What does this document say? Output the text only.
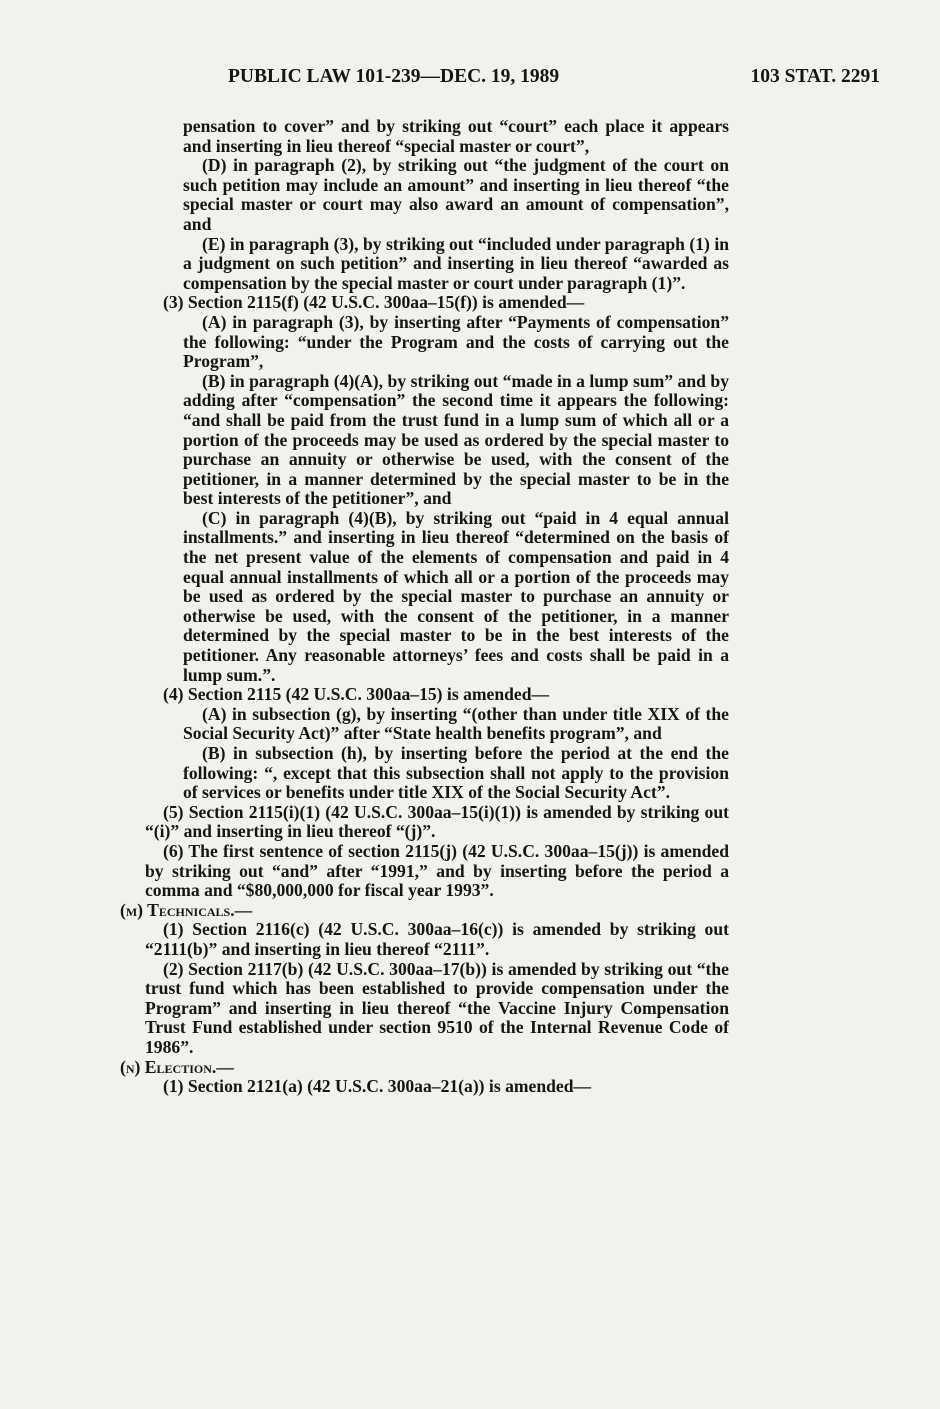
PUBLIC LAW 101-239—DEC. 19, 1989	103 STAT. 2291

pensation to cover” and by striking out “court” each place it appears and inserting in lieu thereof “special master or court”,

(D) in paragraph (2), by striking out “the judgment of the court on such petition may include an amount” and inserting in lieu thereof “the special master or court may also award an amount of compensation”, and

(E) in paragraph (3), by striking out “included under paragraph (1) in a judgment on such petition” and inserting in lieu thereof “awarded as compensation by the special master or court under paragraph (1)”.

(3) Section 2115(f) (42 U.S.C. 300aa–15(f)) is amended—

(A) in paragraph (3), by inserting after “Payments of compensation” the following: “under the Program and the costs of carrying out the Program”,

(B) in paragraph (4)(A), by striking out “made in a lump sum” and by adding after “compensation” the second time it appears the following: “and shall be paid from the trust fund in a lump sum of which all or a portion of the proceeds may be used as ordered by the special master to purchase an annuity or otherwise be used, with the consent of the petitioner, in a manner determined by the special master to be in the best interests of the petitioner”, and

(C) in paragraph (4)(B), by striking out “paid in 4 equal annual installments.” and inserting in lieu thereof “determined on the basis of the net present value of the elements of compensation and paid in 4 equal annual installments of which all or a portion of the proceeds may be used as ordered by the special master to purchase an annuity or otherwise be used, with the consent of the petitioner, in a manner determined by the special master to be in the best interests of the petitioner. Any reasonable attorneys’ fees and costs shall be paid in a lump sum.”.

(4) Section 2115 (42 U.S.C. 300aa–15) is amended—

(A) in subsection (g), by inserting “(other than under title XIX of the Social Security Act)” after “State health benefits program”, and

(B) in subsection (h), by inserting before the period at the end the following: “, except that this subsection shall not apply to the provision of services or benefits under title XIX of the Social Security Act”.

(5) Section 2115(i)(1) (42 U.S.C. 300aa–15(i)(1)) is amended by striking out “(i)” and inserting in lieu thereof “(j)”.

(6) The first sentence of section 2115(j) (42 U.S.C. 300aa–15(j)) is amended by striking out “and” after “1991,” and by inserting before the period a comma and “$80,000,000 for fiscal year 1993”.

(m) Technicals.—

(1) Section 2116(c) (42 U.S.C. 300aa–16(c)) is amended by striking out “2111(b)” and inserting in lieu thereof “2111”.

(2) Section 2117(b) (42 U.S.C. 300aa–17(b)) is amended by striking out “the trust fund which has been established to provide compensation under the Program” and inserting in lieu thereof “the Vaccine Injury Compensation Trust Fund established under section 9510 of the Internal Revenue Code of 1986”.

(n) Election.—

(1) Section 2121(a) (42 U.S.C. 300aa–21(a)) is amended—
